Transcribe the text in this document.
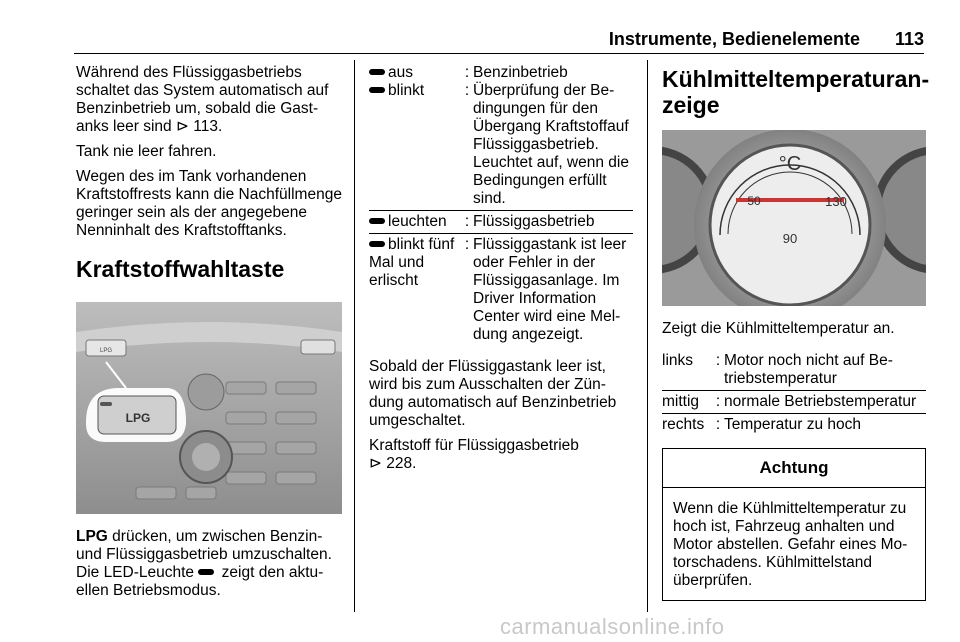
Instrumente, Bedienelemente 113

Während des Flüssiggasbetriebs schaltet das System automatisch auf Benzinbetrieb um, sobald die Gastanks leer sind ⊳ 113.

Tank nie leer fahren.

Wegen des im Tank vorhandenen Kraftstoffrests kann die Nachfüllmenge geringer sein als der angegebene Nenninhalt des Kraftstofftanks.

Kraftstoffwahltaste
LPG
LPG

LPG drücken, um zwischen Benzin- und Flüssiggasbetrieb umzuschalten. Die LED-Leuchte  zeigt den aktuellen Betriebsmodus.

aus	:	Benzinbetrieb
blinkt	:	Überprüfung der Bedingungen für den Übergang Kraftstoffauf Flüssiggasbetrieb. Leuchtet auf, wenn die Bedingungen erfüllt sind.
leuchten	:	Flüssiggasbetrieb
blinkt fünf Mal und erlischt	:	Flüssiggastank ist leer oder Fehler in der Flüssiggasanlage. Im Driver Information Center wird eine Meldung angezeigt.

Sobald der Flüssiggastank leer ist, wird bis zum Ausschalten der Zündung automatisch auf Benzinbetrieb umgeschaltet.

Kraftstoff für Flüssiggasbetrieb
⊳ 228.

Kühlmitteltemperaturanzeige
°C
50
90
130

Zeigt die Kühlmitteltemperatur an.

links	:	Motor noch nicht auf Betriebstemperatur
mittig	:	normale Betriebstemperatur
rechts	:	Temperatur zu hoch
Achtung
Wenn die Kühlmitteltemperatur zu hoch ist, Fahrzeug anhalten und Motor abstellen. Gefahr eines Motorschadens. Kühlmittelstand überprüfen.
carmanualsonline.info
